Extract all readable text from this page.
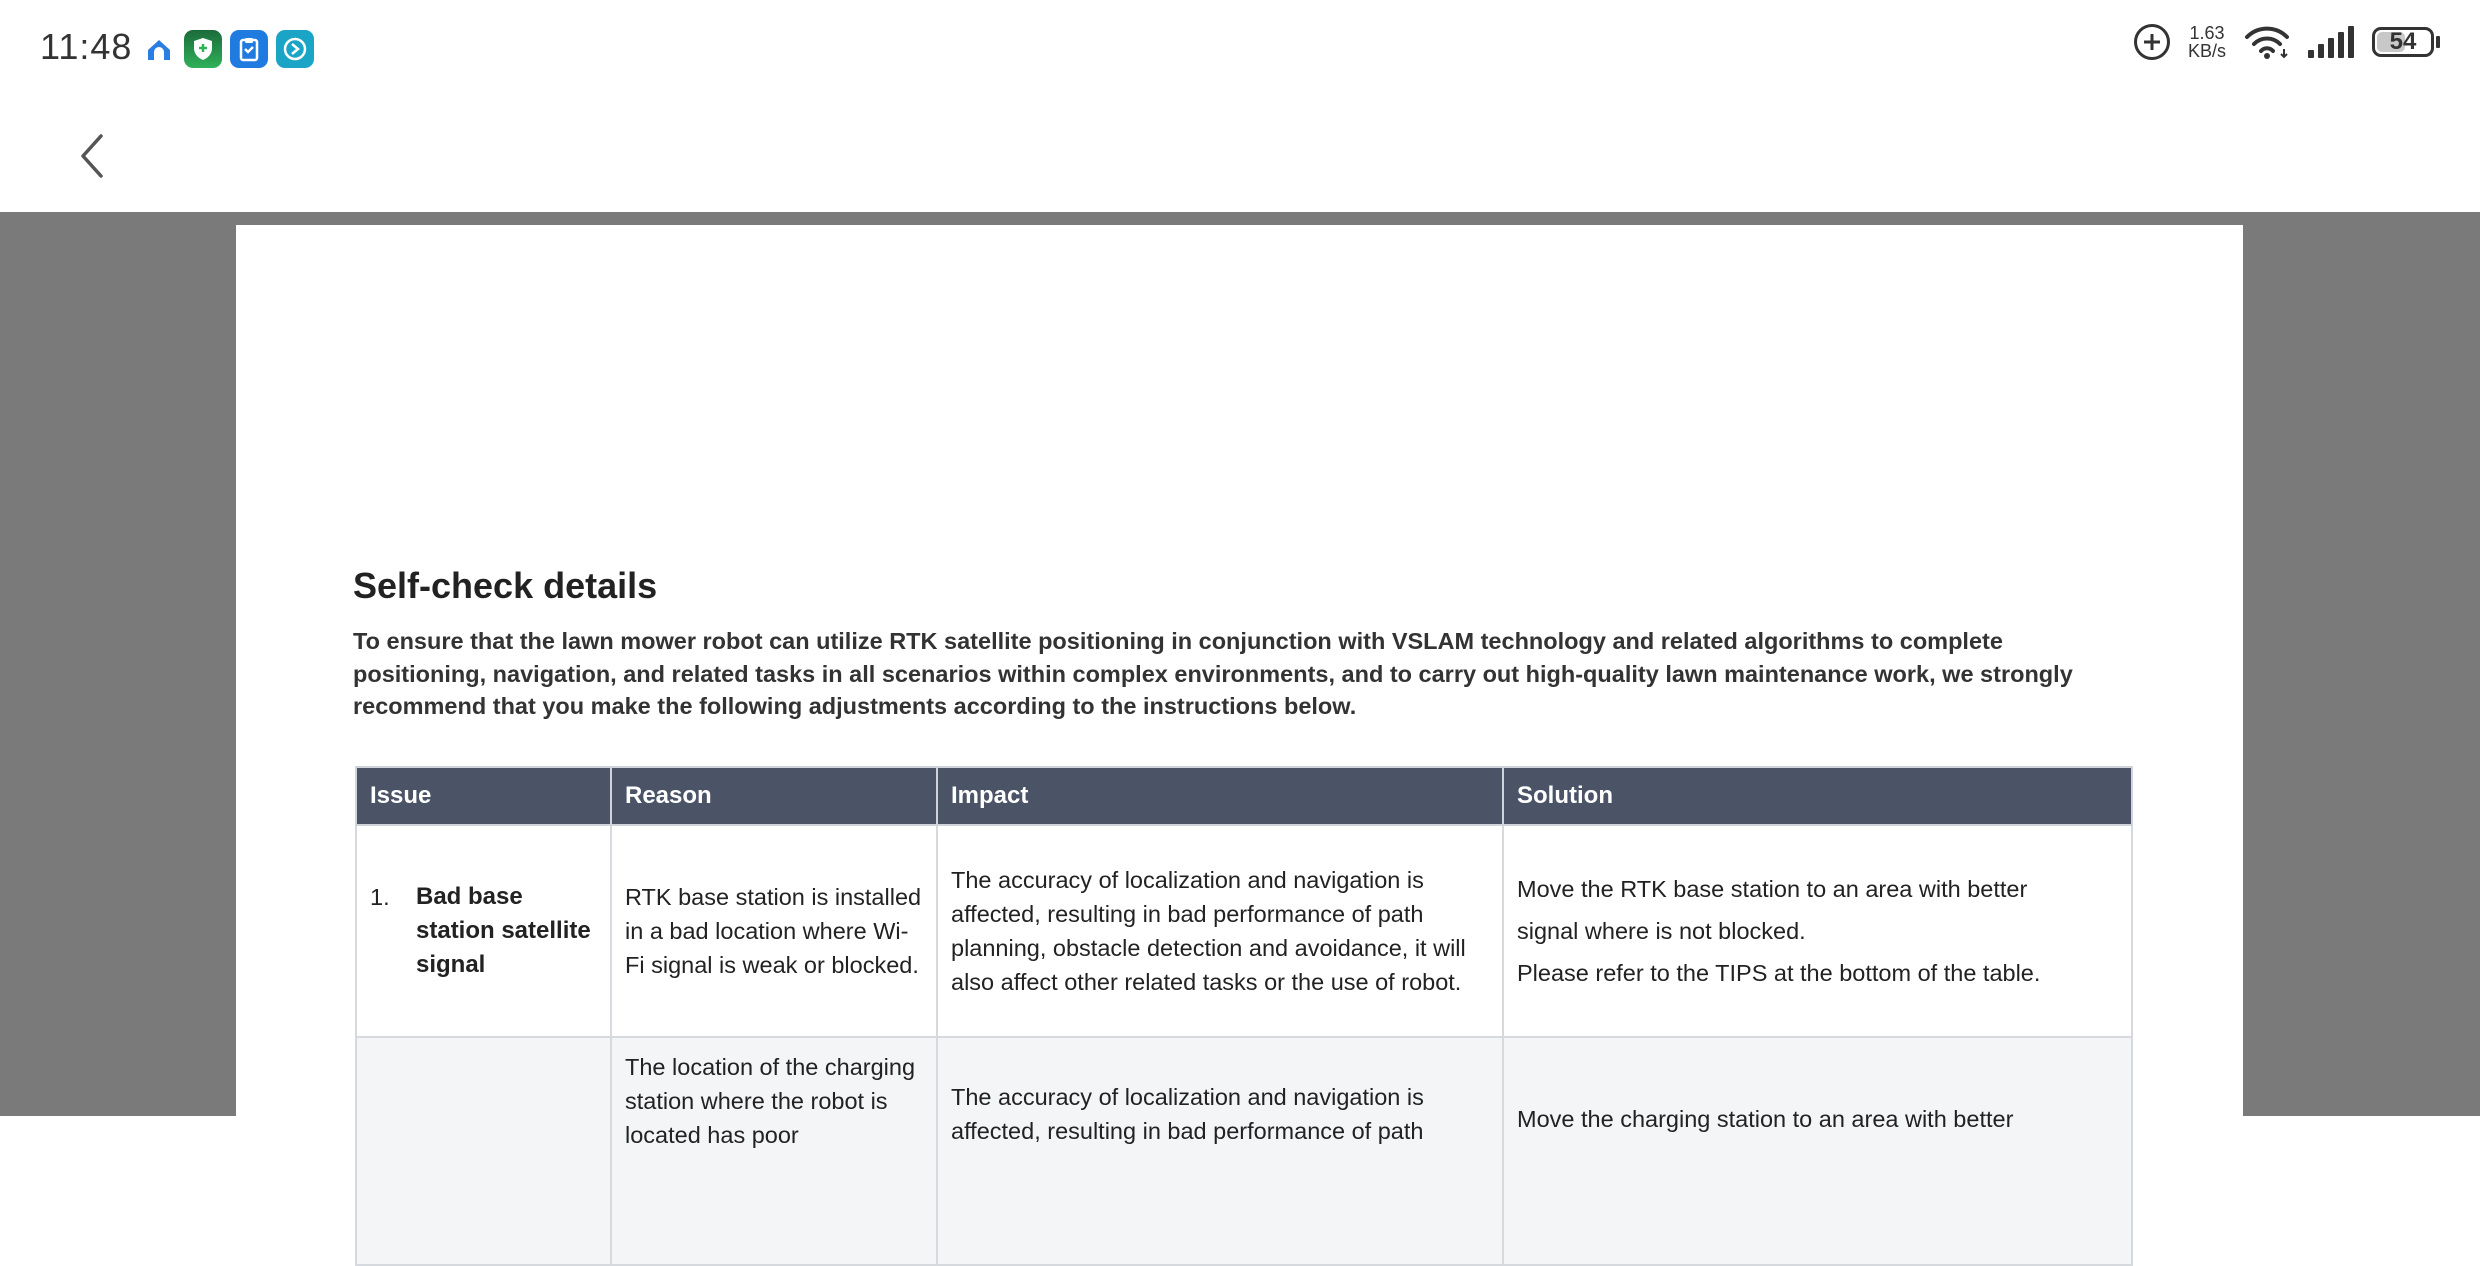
11:48	1.63
KB/s	54
Self-check details

To ensure that the lawn mower robot can utilize RTK satellite positioning in conjunction with VSLAM technology and related algorithms to complete positioning, navigation, and related tasks in all scenarios within complex environments, and to carry out high-quality lawn maintenance work, we strongly recommend that you make the following adjustments according to the instructions below.

Issue	Reason	Impact	Solution

1. Bad base station satellite signal	RTK base station is installed in a bad location where Wi-Fi signal is weak or blocked.	The accuracy of localization and navigation is affected, resulting in bad performance of path planning, obstacle detection and avoidance, it will also affect other related tasks or the use of robot.	Move the RTK base station to an area with better
signal where is not blocked.
Please refer to the TIPS at the bottom of the table.

	The location of the charging station where the robot is located has poor	The accuracy of localization and navigation is affected, resulting in bad performance of path	Move the charging station to an area with better
